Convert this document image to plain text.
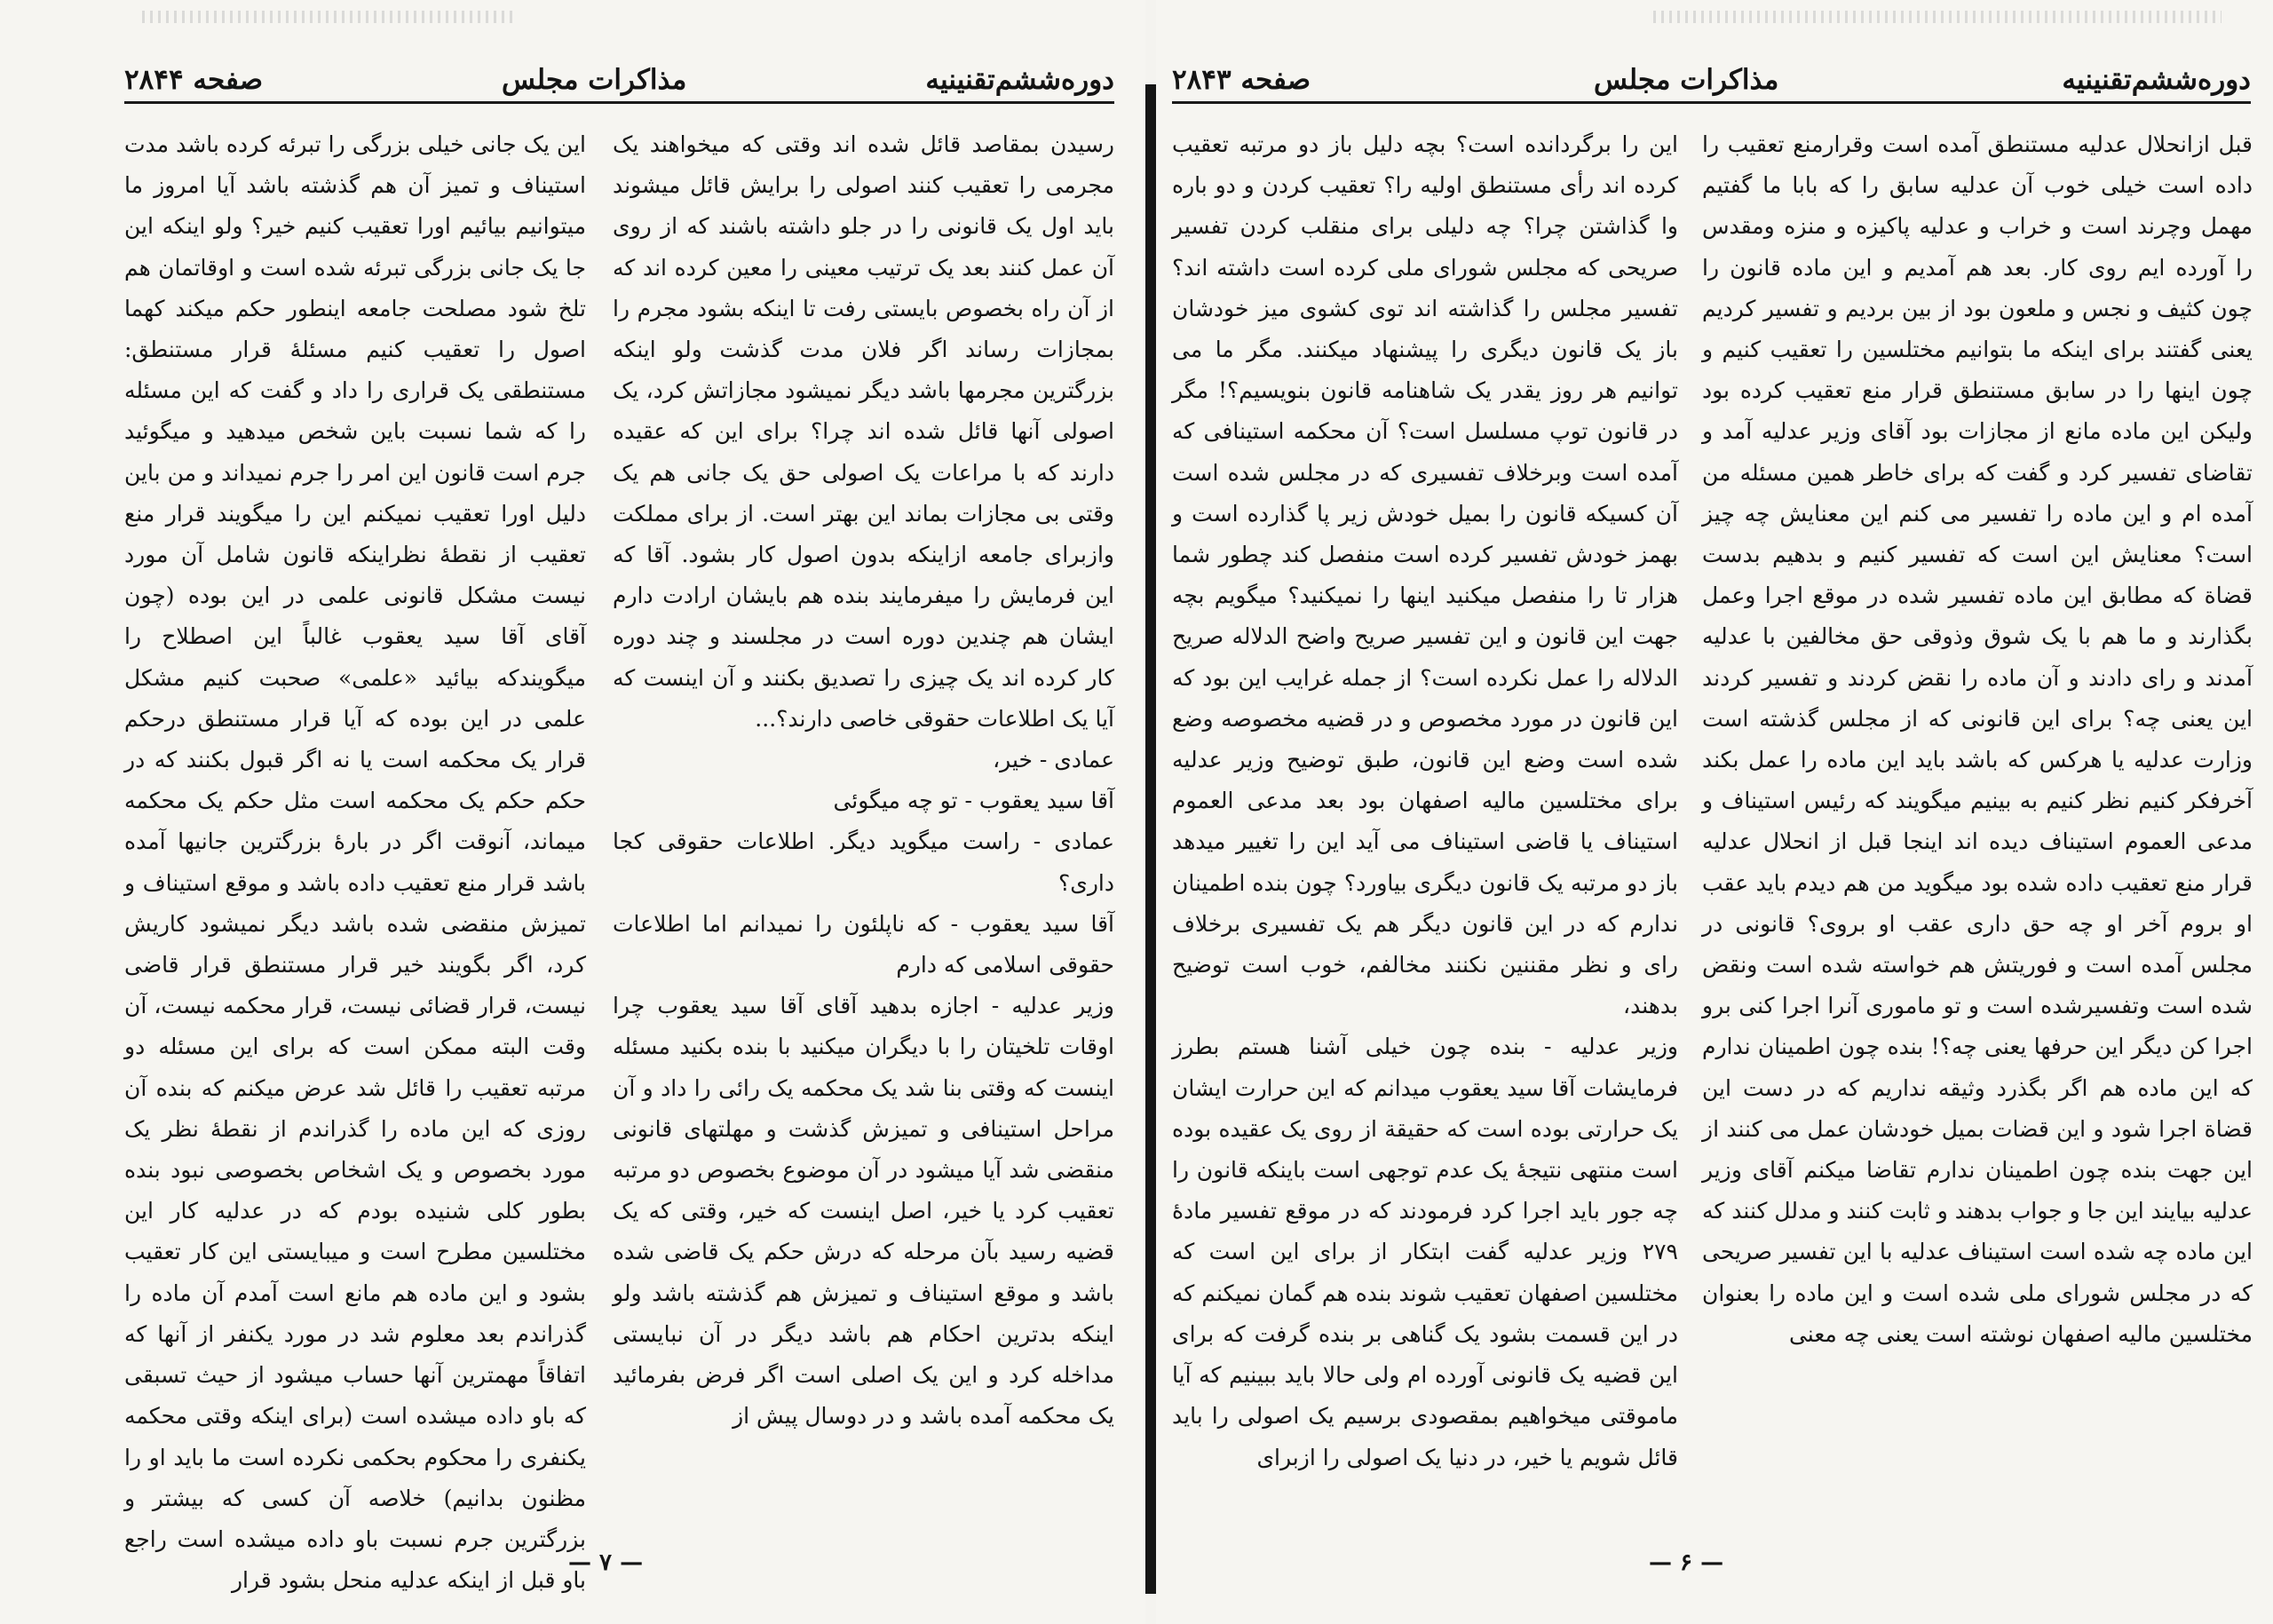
دوره‌ششم‌تقنینیه
مذاکرات مجلس
صفحه ۲۸۴۴

رسیدن بمقاصد قائل شده اند وقتی که میخواهند یک مجرمی را تعقیب کنند اصولی را برایش قائل میشوند باید اول یک قانونی را در جلو داشته باشند که از روی آن عمل کنند بعد یک ترتیب معینی را معین کرده اند که از آن راه بخصوص بایستی رفت تا اینکه بشود مجرم را بمجازات رساند اگر فلان مدت گذشت ولو اینکه بزرگترین مجرمها باشد دیگر نمیشود مجازاتش کرد، یک اصولی آنها قائل شده اند چرا؟ برای این که عقیده دارند که با مراعات یک اصولی حق یک جانی هم یک وقتی بی مجازات بماند این بهتر است. از برای مملکت وازبرای جامعه ازاینکه بدون اصول کار بشود. آقا که این فرمایش را میفرمایند بنده هم بایشان ارادت دارم ایشان هم چندین دوره است در مجلسند و چند دوره کار کرده اند یک چیزی را تصدیق بکنند و آن اینست که آیا یک اطلاعات حقوقی خاصی دارند؟...

عمادی - خیر،

آقا سید یعقوب - تو چه میگوئی

عمادی - راست میگوید دیگر. اطلاعات حقوقی کجا داری؟

آقا سید یعقوب - که ناپلئون را نمیدانم اما اطلاعات حقوقی اسلامی که دارم

وزیر عدلیه - اجازه بدهید آقای آقا سید یعقوب چرا اوقات تلخیتان را با دیگران میکنید با بنده بکنید مسئله اینست که وقتی بنا شد یک محکمه یک رائی را داد و آن مراحل استینافی و تمیزش گذشت و مهلتهای قانونی منقضی شد آیا میشود در آن موضوع بخصوص دو مرتبه تعقیب کرد یا خیر، اصل اینست که خیر، وقتی که یک قضیه رسید بآن مرحله که درش حکم یک قاضی شده باشد و موقع استیناف و تمیزش هم گذشته باشد ولو اینکه بدترین احکام هم باشد دیگر در آن نبایستی مداخله کرد و این یک اصلی است اگر فرض بفرمائید یک محکمه آمده باشد و در دوسال پیش از

این یک جانی خیلی بزرگی را تبرئه کرده باشد مدت استیناف و تمیز آن هم گذشته باشد آیا امروز ما میتوانیم بیائیم اورا تعقیب کنیم خیر؟ ولو اینکه این جا یک جانی بزرگی تبرئه شده است و اوقاتمان هم تلخ شود مصلحت جامعه اینطور حکم میکند کهما اصول را تعقیب کنیم مسئلهٔ قرار مستنطق: مستنطقی یک قراری را داد و گفت که این مسئله را که شما نسبت باین شخص میدهید و میگوئید جرم است قانون این امر را جرم نمیداند و من باین دلیل اورا تعقیب نمیکنم این را میگویند قرار منع تعقیب از نقطهٔ نظراینکه قانون شامل آن مورد نیست مشکل قانونی علمی در این بوده (چون آقای آقا سید یعقوب غالباً این اصطلاح را میگویندکه بیائید «علمی» صحبت کنیم مشکل علمی در این بوده که آیا قرار مستنطق درحکم قرار یک محکمه است یا نه اگر قبول بکنند که در حکم حکم یک محکمه است مثل حکم یک محکمه میماند، آنوقت اگر در بارهٔ بزرگترین جانیها آمده باشد قرار منع تعقیب داده باشد و موقع استیناف و تمیزش منقضی شده باشد دیگر نمیشود کاریش کرد، اگر بگویند خیر قرار مستنطق قرار قاضی نیست، قرار قضائی نیست، قرار محکمه نیست، آن وقت البته ممکن است که برای این مسئله دو مرتبه تعقیب را قائل شد عرض میکنم که بنده آن روزی که این ماده را گذراندم از نقطهٔ نظر یک مورد بخصوص و یک اشخاص بخصوصی نبود بنده بطور کلی شنیده بودم که در عدلیه کار این مختلسین مطرح است و میبایستی این کار تعقیب بشود و این ماده هم مانع است آمدم آن ماده را گذراندم بعد معلوم شد در مورد یکنفر از آنها که اتفاقاً مهمترین آنها حساب میشود از حیث تسبقی که باو داده میشده است (برای اینکه وقتی محکمه یکنفری را محکوم بحکمی نکرده است ما باید او را مظنون بدانیم) خلاصه آن کسی که بیشتر و بزرگترین جرم نسبت باو داده میشده است راجع باو قبل از اینکه عدلیه منحل بشود قرار

— ۷ —
دوره‌ششم‌تقنینیه
مذاکرات مجلس
صفحه ۲۸۴۳

قبل ازانحلال عدلیه مستنطق آمده است وقرارمنع تعقیب را داده است خیلی خوب آن عدلیه سابق را که بابا ما گفتیم مهمل وچرند است و خراب و عدلیه پاکیزه و منزه ومقدس را آورده ایم روی کار. بعد هم آمدیم و این ماده قانون را چون کثیف و نجس و ملعون بود از بین بردیم و تفسیر کردیم یعنی گفتند برای اینکه ما بتوانیم مختلسین را تعقیب کنیم و چون اینها را در سابق مستنطق قرار منع تعقیب کرده بود ولیکن این ماده مانع از مجازات بود آقای وزیر عدلیه آمد و تقاضای تفسیر کرد و گفت که برای خاطر همین مسئله من آمده ام و این ماده را تفسیر می کنم این معنایش چه چیز است؟ معنایش این است که تفسیر کنیم و بدهیم بدست قضاة که مطابق این ماده تفسیر شده در موقع اجرا وعمل بگذارند و ما هم با یک شوق وذوقی حق مخالفین با عدلیه آمدند و رای دادند و آن ماده را نقض کردند و تفسیر کردند این یعنی چه؟ برای این قانونی که از مجلس گذشته است وزارت عدلیه یا هرکس که باشد باید این ماده را عمل بکند آخرفکر کنیم نظر کنیم به بینیم میگویند که رئیس استیناف و مدعی العموم استیناف دیده اند اینجا قبل از انحلال عدلیه قرار منع تعقیب داده شده بود میگوید من هم دیدم باید عقب او بروم آخر او چه حق داری عقب او بروی؟ قانونی در مجلس آمده است و فوریتش هم خواسته شده است ونقض شده است وتفسیرشده است و تو ماموری آنرا اجرا کنی برو اجرا کن دیگر این حرفها یعنی چه؟! بنده چون اطمینان ندارم که این ماده هم اگر بگذرد وثیقه نداریم که در دست این قضاة اجرا شود و این قضات بمیل خودشان عمل می کنند از این جهت بنده چون اطمینان ندارم تقاضا میکنم آقای وزیر عدلیه بیایند این جا و جواب بدهند و ثابت کنند و مدلل کنند که این ماده چه شده است استیناف عدلیه با این تفسیر صریحی که در مجلس شورای ملی شده است و این ماده را بعنوان مختلسین مالیه اصفهان نوشته است یعنی چه معنی

این را برگردانده است؟ بچه دلیل باز دو مرتبه تعقیب کرده اند رأی مستنطق اولیه را؟ تعقیب کردن و دو باره وا گذاشتن چرا؟ چه دلیلی برای منقلب کردن تفسیر صریحی که مجلس شورای ملی کرده است داشته اند؟ تفسیر مجلس را گذاشته اند توی کشوی میز خودشان باز یک قانون دیگری را پیشنهاد میکنند. مگر ما می توانیم هر روز یقدر یک شاهنامه قانون بنویسیم؟! مگر در قانون توپ مسلسل است؟ آن محکمه استینافی که آمده است وبرخلاف تفسیری که در مجلس شده است آن کسیکه قانون را بمیل خودش زیر پا گذارده است و بهمز خودش تفسیر کرده است منفصل کند چطور شما هزار تا را منفصل میکنید اینها را نمیکنید؟ میگویم بچه جهت این قانون و این تفسیر صریح واضح الدلاله صریح الدلاله را عمل نکرده است؟ از جمله غرایب این بود که این قانون در مورد مخصوص و در قضیه مخصوصه وضع شده است وضع این قانون، طبق توضیح وزیر عدلیه برای مختلسین مالیه اصفهان بود بعد مدعی العموم استیناف یا قاضی استیناف می آید این را تغییر میدهد باز دو مرتبه یک قانون دیگری بیاورد؟ چون بنده اطمینان ندارم که در این قانون دیگر هم یک تفسیری برخلاف رای و نظر مقننین نکنند مخالفم، خوب است توضیح بدهند،

وزیر عدلیه - بنده چون خیلی آشنا هستم بطرز فرمایشات آقا سید یعقوب میدانم که این حرارت ایشان یک حرارتی بوده است که حقیقة از روی یک عقیده بوده است منتهی نتیجهٔ یک عدم توجهی است باینکه قانون را چه جور باید اجرا کرد فرمودند که در موقع تفسیر مادهٔ ۲۷۹ وزیر عدلیه گفت ابتکار از برای این است که مختلسین اصفهان تعقیب شوند بنده هم گمان نمیکنم که در این قسمت بشود یک گناهی بر بنده گرفت که برای این قضیه یک قانونی آورده ام ولی حالا باید ببینیم که آیا ماموقتی میخواهیم بمقصودی برسیم یک اصولی را باید قائل شویم یا خیر، در دنیا یک اصولی را ازبرای

— ۶ —
